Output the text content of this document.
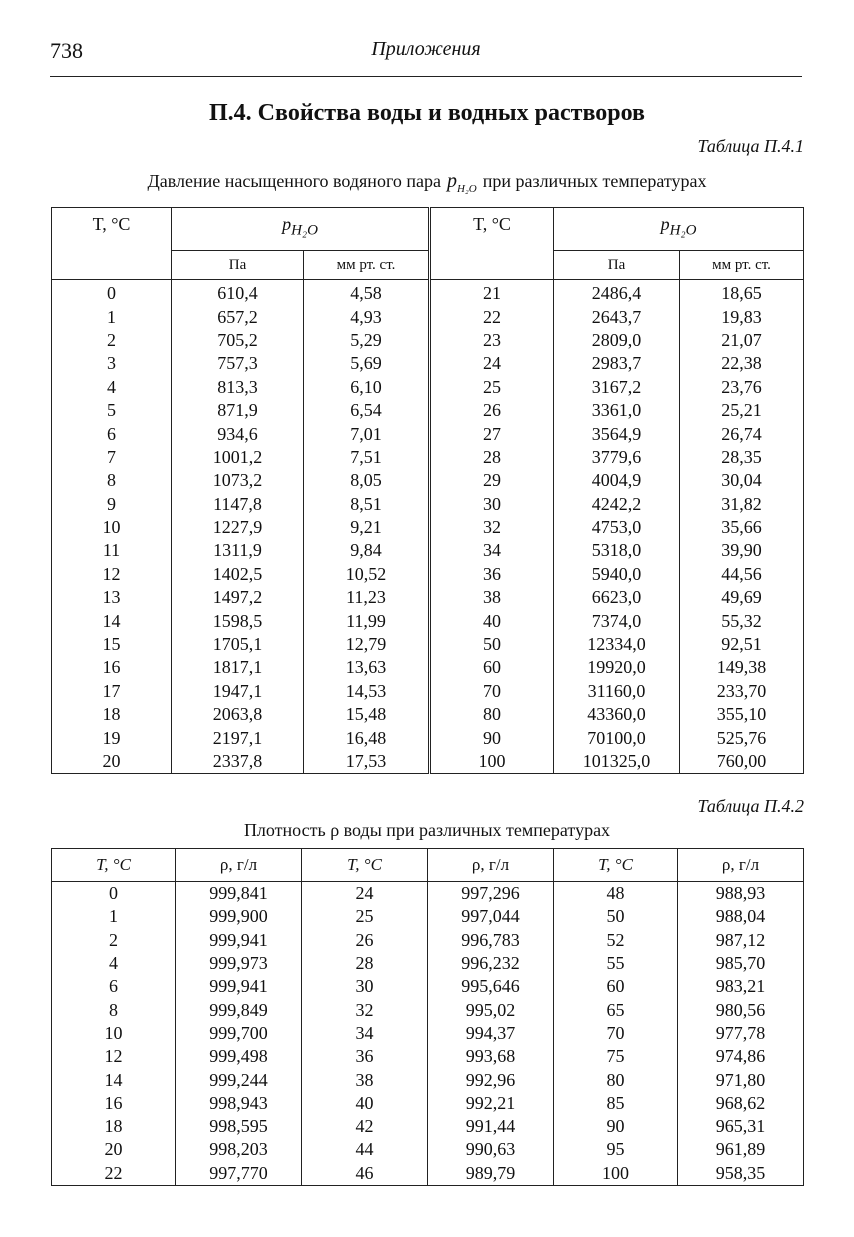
738	Приложения
П.4. Свойства воды и водных растворов
Таблица П.4.1
Давление насыщенного водяного пара $p_{H_2O}$ при различных температурах
T, °C	$p_{H_2O}$		T, °C	$p_{H_2O}$
	Па	мм рт. ст.		Па	мм рт. ст.
0	610,4	4,58	21	2486,4	18,65
1	657,2	4,93	22	2643,7	19,83
2	705,2	5,29	23	2809,0	21,07
3	757,3	5,69	24	2983,7	22,38
4	813,3	6,10	25	3167,2	23,76
5	871,9	6,54	26	3361,0	25,21
6	934,6	7,01	27	3564,9	26,74
7	1001,2	7,51	28	3779,6	28,35
8	1073,2	8,05	29	4004,9	30,04
9	1147,8	8,51	30	4242,2	31,82
10	1227,9	9,21	32	4753,0	35,66
11	1311,9	9,84	34	5318,0	39,90
12	1402,5	10,52	36	5940,0	44,56
13	1497,2	11,23	38	6623,0	49,69
14	1598,5	11,99	40	7374,0	55,32
15	1705,1	12,79	50	12334,0	92,51
16	1817,1	13,63	60	19920,0	149,38
17	1947,1	14,53	70	31160,0	233,70
18	2063,8	15,48	80	43360,0	355,10
19	2197,1	16,48	90	70100,0	525,76
20	2337,8	17,53	100	101325,0	760,00
Таблица П.4.2
Плотность ρ воды при различных температурах
T, °C	ρ, г/л	T, °C	ρ, г/л	T, °C	ρ, г/л
0	999,841	24	997,296	48	988,93
1	999,900	25	997,044	50	988,04
2	999,941	26	996,783	52	987,12
4	999,973	28	996,232	55	985,70
6	999,941	30	995,646	60	983,21
8	999,849	32	995,02	65	980,56
10	999,700	34	994,37	70	977,78
12	999,498	36	993,68	75	974,86
14	999,244	38	992,96	80	971,80
16	998,943	40	992,21	85	968,62
18	998,595	42	991,44	90	965,31
20	998,203	44	990,63	95	961,89
22	997,770	46	989,79	100	958,35
